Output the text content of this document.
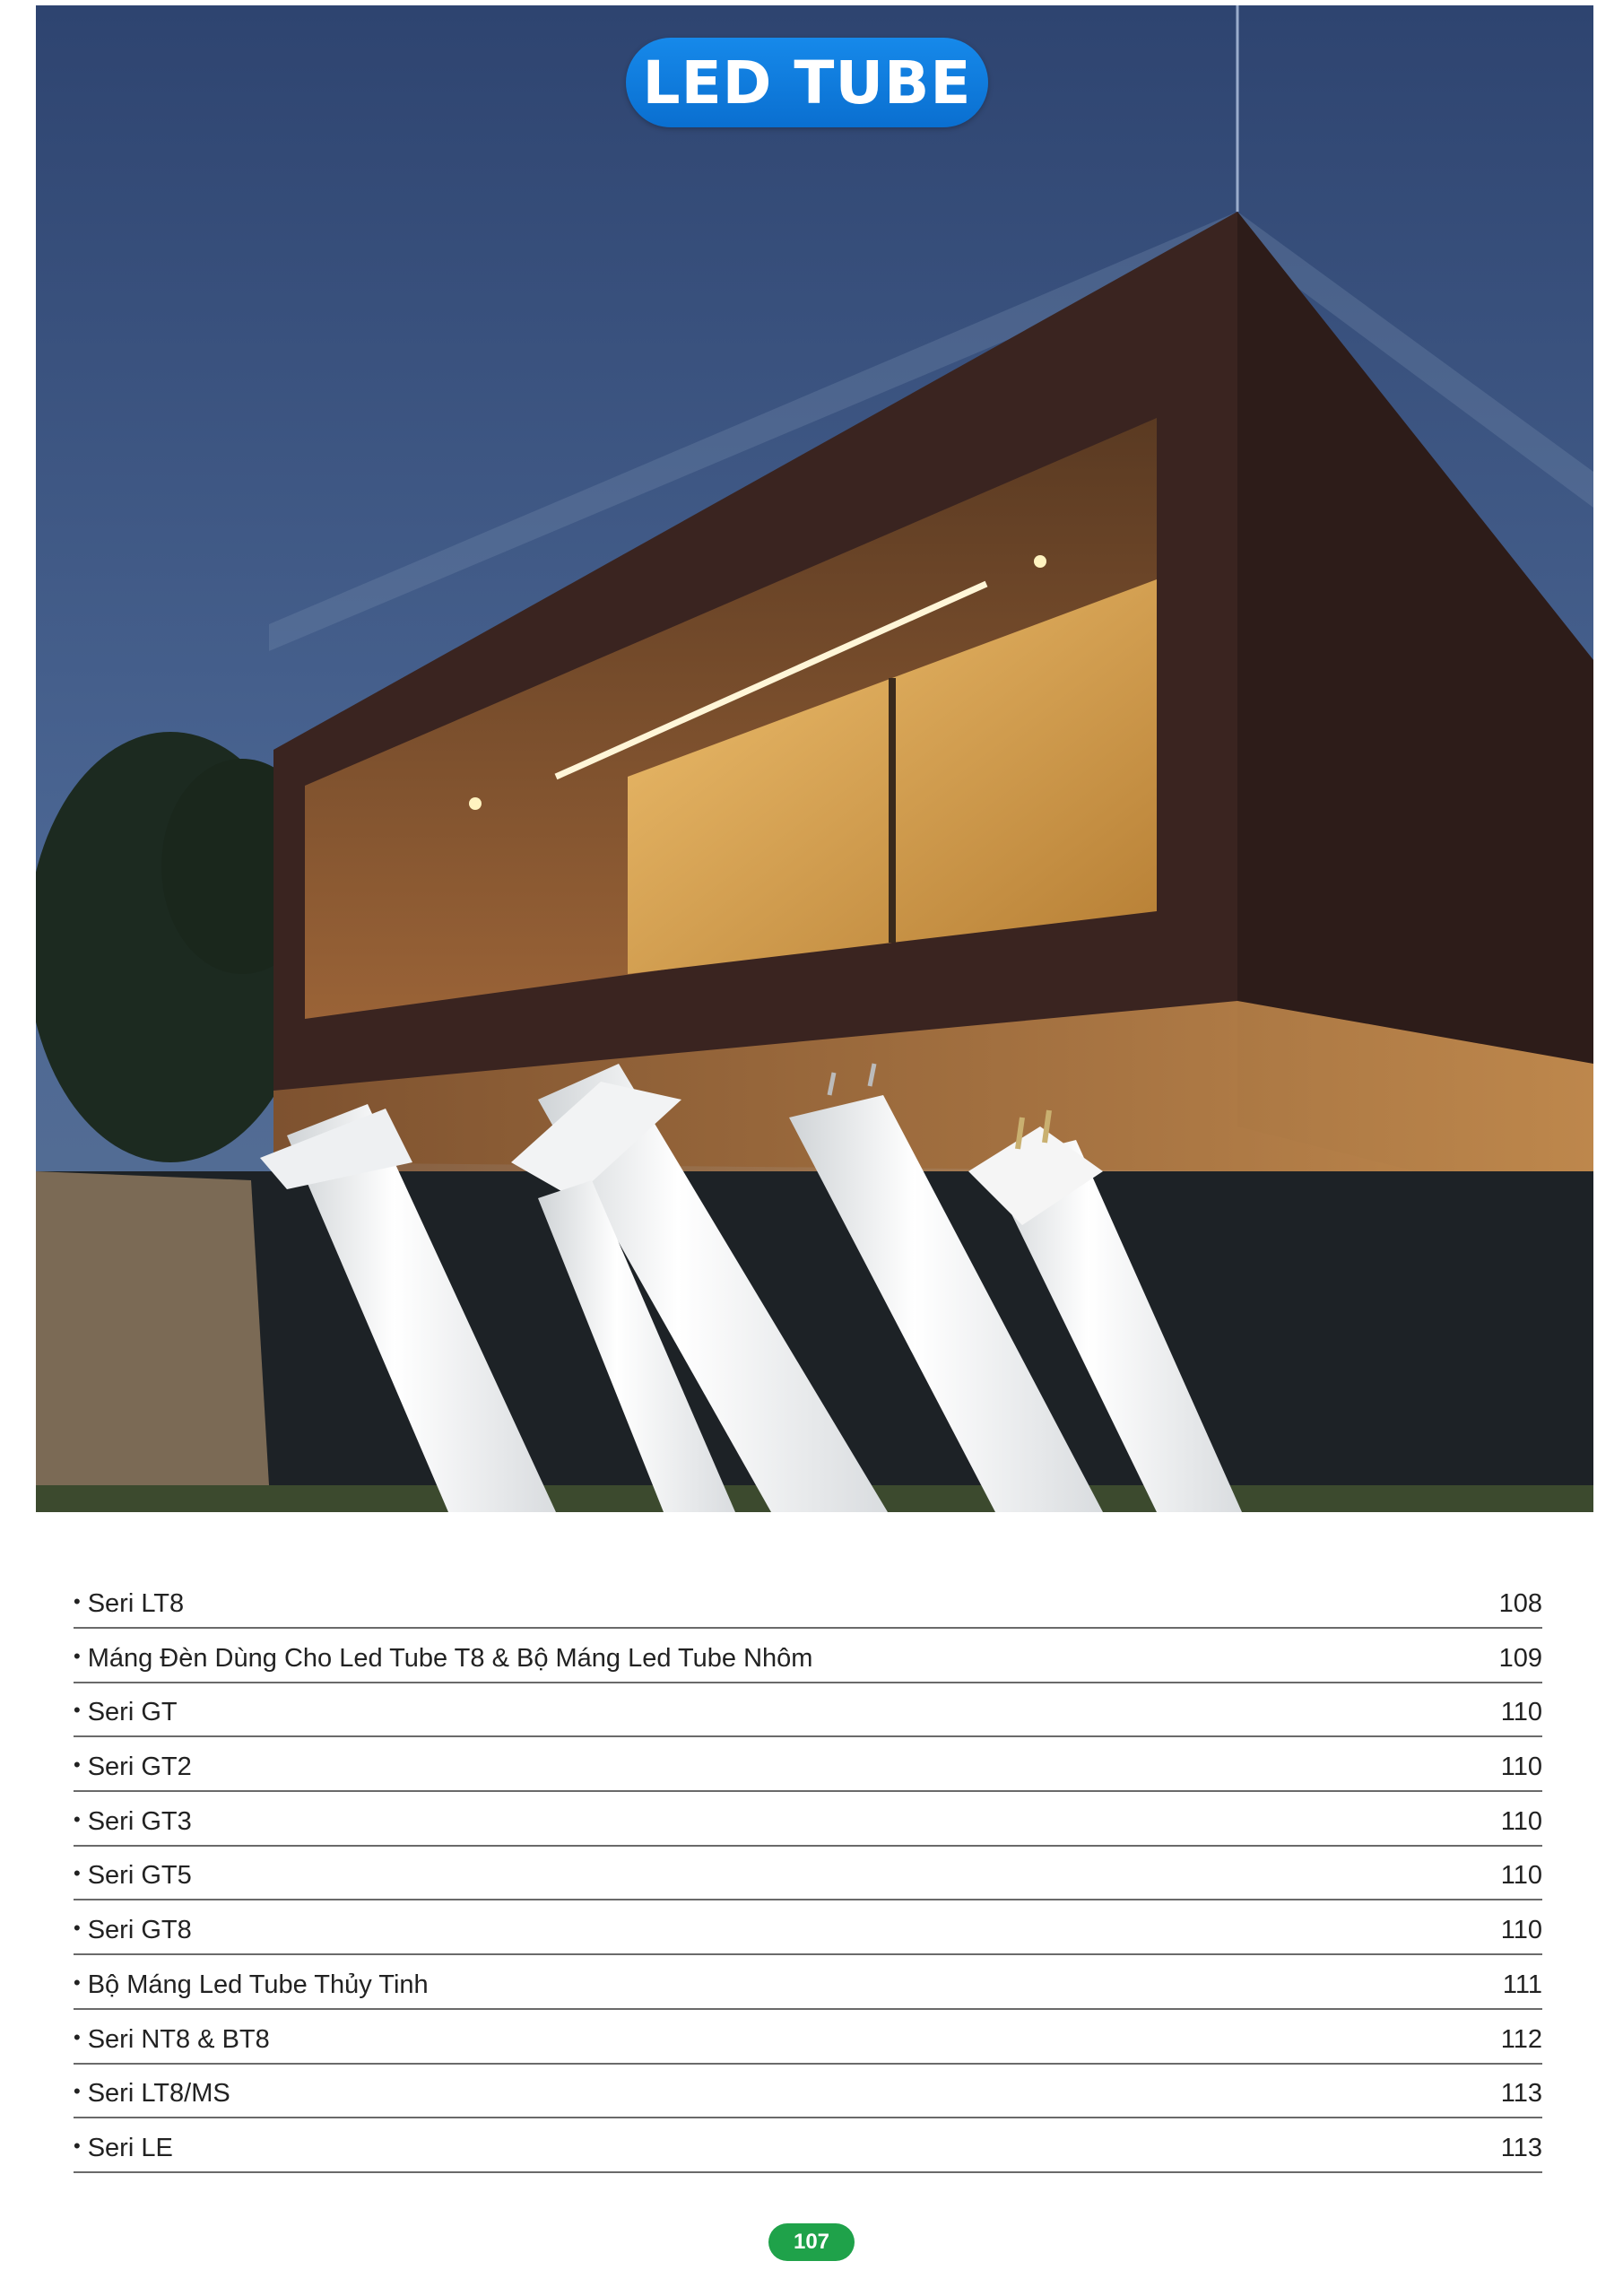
LED TUBE
• Seri LT8	108
• Máng Đèn Dùng Cho Led Tube T8 & Bộ Máng Led Tube Nhôm	109
• Seri GT	110
• Seri GT2	110
• Seri GT3	110
• Seri GT5	110
• Seri GT8	110
• Bộ Máng Led Tube Thủy Tinh	111
• Seri NT8 & BT8	112
• Seri LT8/MS	113
• Seri LE	113
107
